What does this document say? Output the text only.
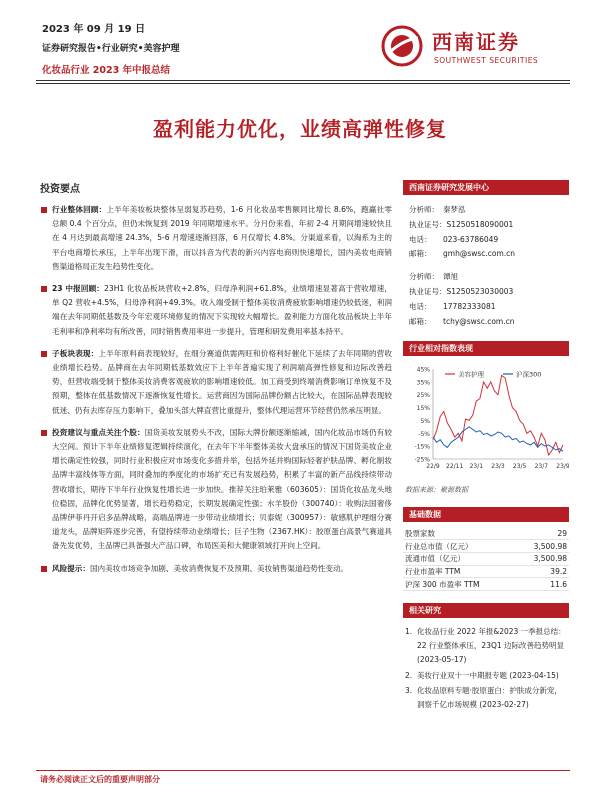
2023 年 09 月 19 日
证券研究报告•行业研究•美容护理
化妆品行业 2023 年中报总结
西南证券
SOUTHWEST SECURITIES
盈利能力优化，业绩高弹性修复
投资要点
行业整体回顾：上半年美妆板块整体呈弱复苏趋势，1-6 月化妆品零售额同比增长 8.6%，跑赢社零总额 0.4 个百分点，但仍未恢复到 2019 年同期增速水平。分月份来看，年初 2-4 月期间增速较快且在 4 月达到最高增速 24.3%，5-6 月增速逐渐回落，6 月仅增长 4.8%。分渠道来看，以淘系为主的平台电商增长承压，上半年出现下滑，而以抖音为代表的新兴内容电商则快速增长，国内美妆电商销售渠道格局正发生趋势性变化。
23 中报回顾：23H1 化妆品板块营收+2.8%，归母净利润+61.8%，业绩增速显著高于营收增速，单 Q2 营收+4.5%，归母净利润+49.3%。收入端受制于整体美妆消费疲软影响增速仍较低迷，利润端在去年同期低基数及今年宏观环境修复的情况下实现较大幅增长。盈利能力方面化妆品板块上半年毛利率和净利率均有所改善，同时销售费用率进一步提升，管理和研发费用率基本持平。
子板块表现：上半年原料商表现较好，在细分赛道供需两旺和价格利好催化下延续了去年同期的营收业绩增长趋势。品牌商在去年同期低基数效应下上半年普遍实现了利润端高弹性修复和边际改善趋势，但营收端受制于整体美妆消费客观疲软的影响增速较低。加工商受到终端消费影响订单恢复不及预期，整体在低基数情况下逐渐恢复性增长。运营商因为国际品牌份额占比较大，在国际品牌表现较低迷、仍有去库存压力影响下，叠加头部大牌直营比重提升，整体代理运营环节经营仍然承压明显。
投资建议与重点关注个股：国货美妆发展势头不改，国际大牌份额逐渐缩减，国内化妆品市场仍有较大空间。预计下半年业绩修复逻辑持续演化，在去年下半年整体美妆大盘承压的情况下国货美妆企业增长确定性较强，同时行业积极应对市场变化多措并举，包括外延并购国际轻奢护肤品牌、孵化制妆品牌丰富线体等方面，同时叠加的季度化的市场扩充已有发展趋势，积累了丰富的新产品线持续带动营收增长，期待下半年行业恢复性增长进一步加快。推荐关注珀莱雅（603605）：国货化妆品龙头地位稳固，品牌化优势显著，增长趋势稳定，长期发展确定性强；水羊股份（300740）：收购法国奢侈品牌伊菲丹开启多品牌战略，高端品牌进一步带动业绩增长；贝泰妮（300957）：敏感肌护理细分赛道龙头，品牌矩阵逐步完善，有望持续带动业绩增长；巨子生物（2367.HK）：胶原蛋白高景气赛道具备先发优势，主品牌已具备强大产品口碑，布局医美和大健康领域打开向上空间。
风险提示：国内美妆市场竞争加剧、美妆消费恢复不及预期、美妆销售渠道趋势性变动。
西南证券研究发展中心
分析师： 秦梦泓
执业证号：S1250518090001
电话： 023-63786049
邮箱： gmh@swsc.com.cn
分析师： 谭旭
执业证号：S1250523030003
电话： 17782333081
邮箱： tchy@swsc.com.cn
行业相对指数表现
45%
35%
25%
15%
5%
-5%
-15%
-25%
22/9 22/11 23/1 23/3 23/5 23/7 23/9
美容护理	沪深300
数据来源：聚源数据
基础数据
股票家数	29
行业总市值（亿元）	3,500.98
流通市值（亿元）	3,500.98
行业市盈率 TTM	39.2
沪深 300 市盈率 TTM	11.6
相关研究
1. 化妆品行业 2022 年报&2023 一季报总结：22 行业整体承压，23Q1 边际改善趋势明显 (2023-05-17)
2. 美妆行业双十一中期报专题 (2023-04-15)
3. 化妆品原料专题·胶原蛋白：护肤成分新宠，洞察千亿市场规模 (2023-02-27)
请务必阅读正文后的重要声明部分
